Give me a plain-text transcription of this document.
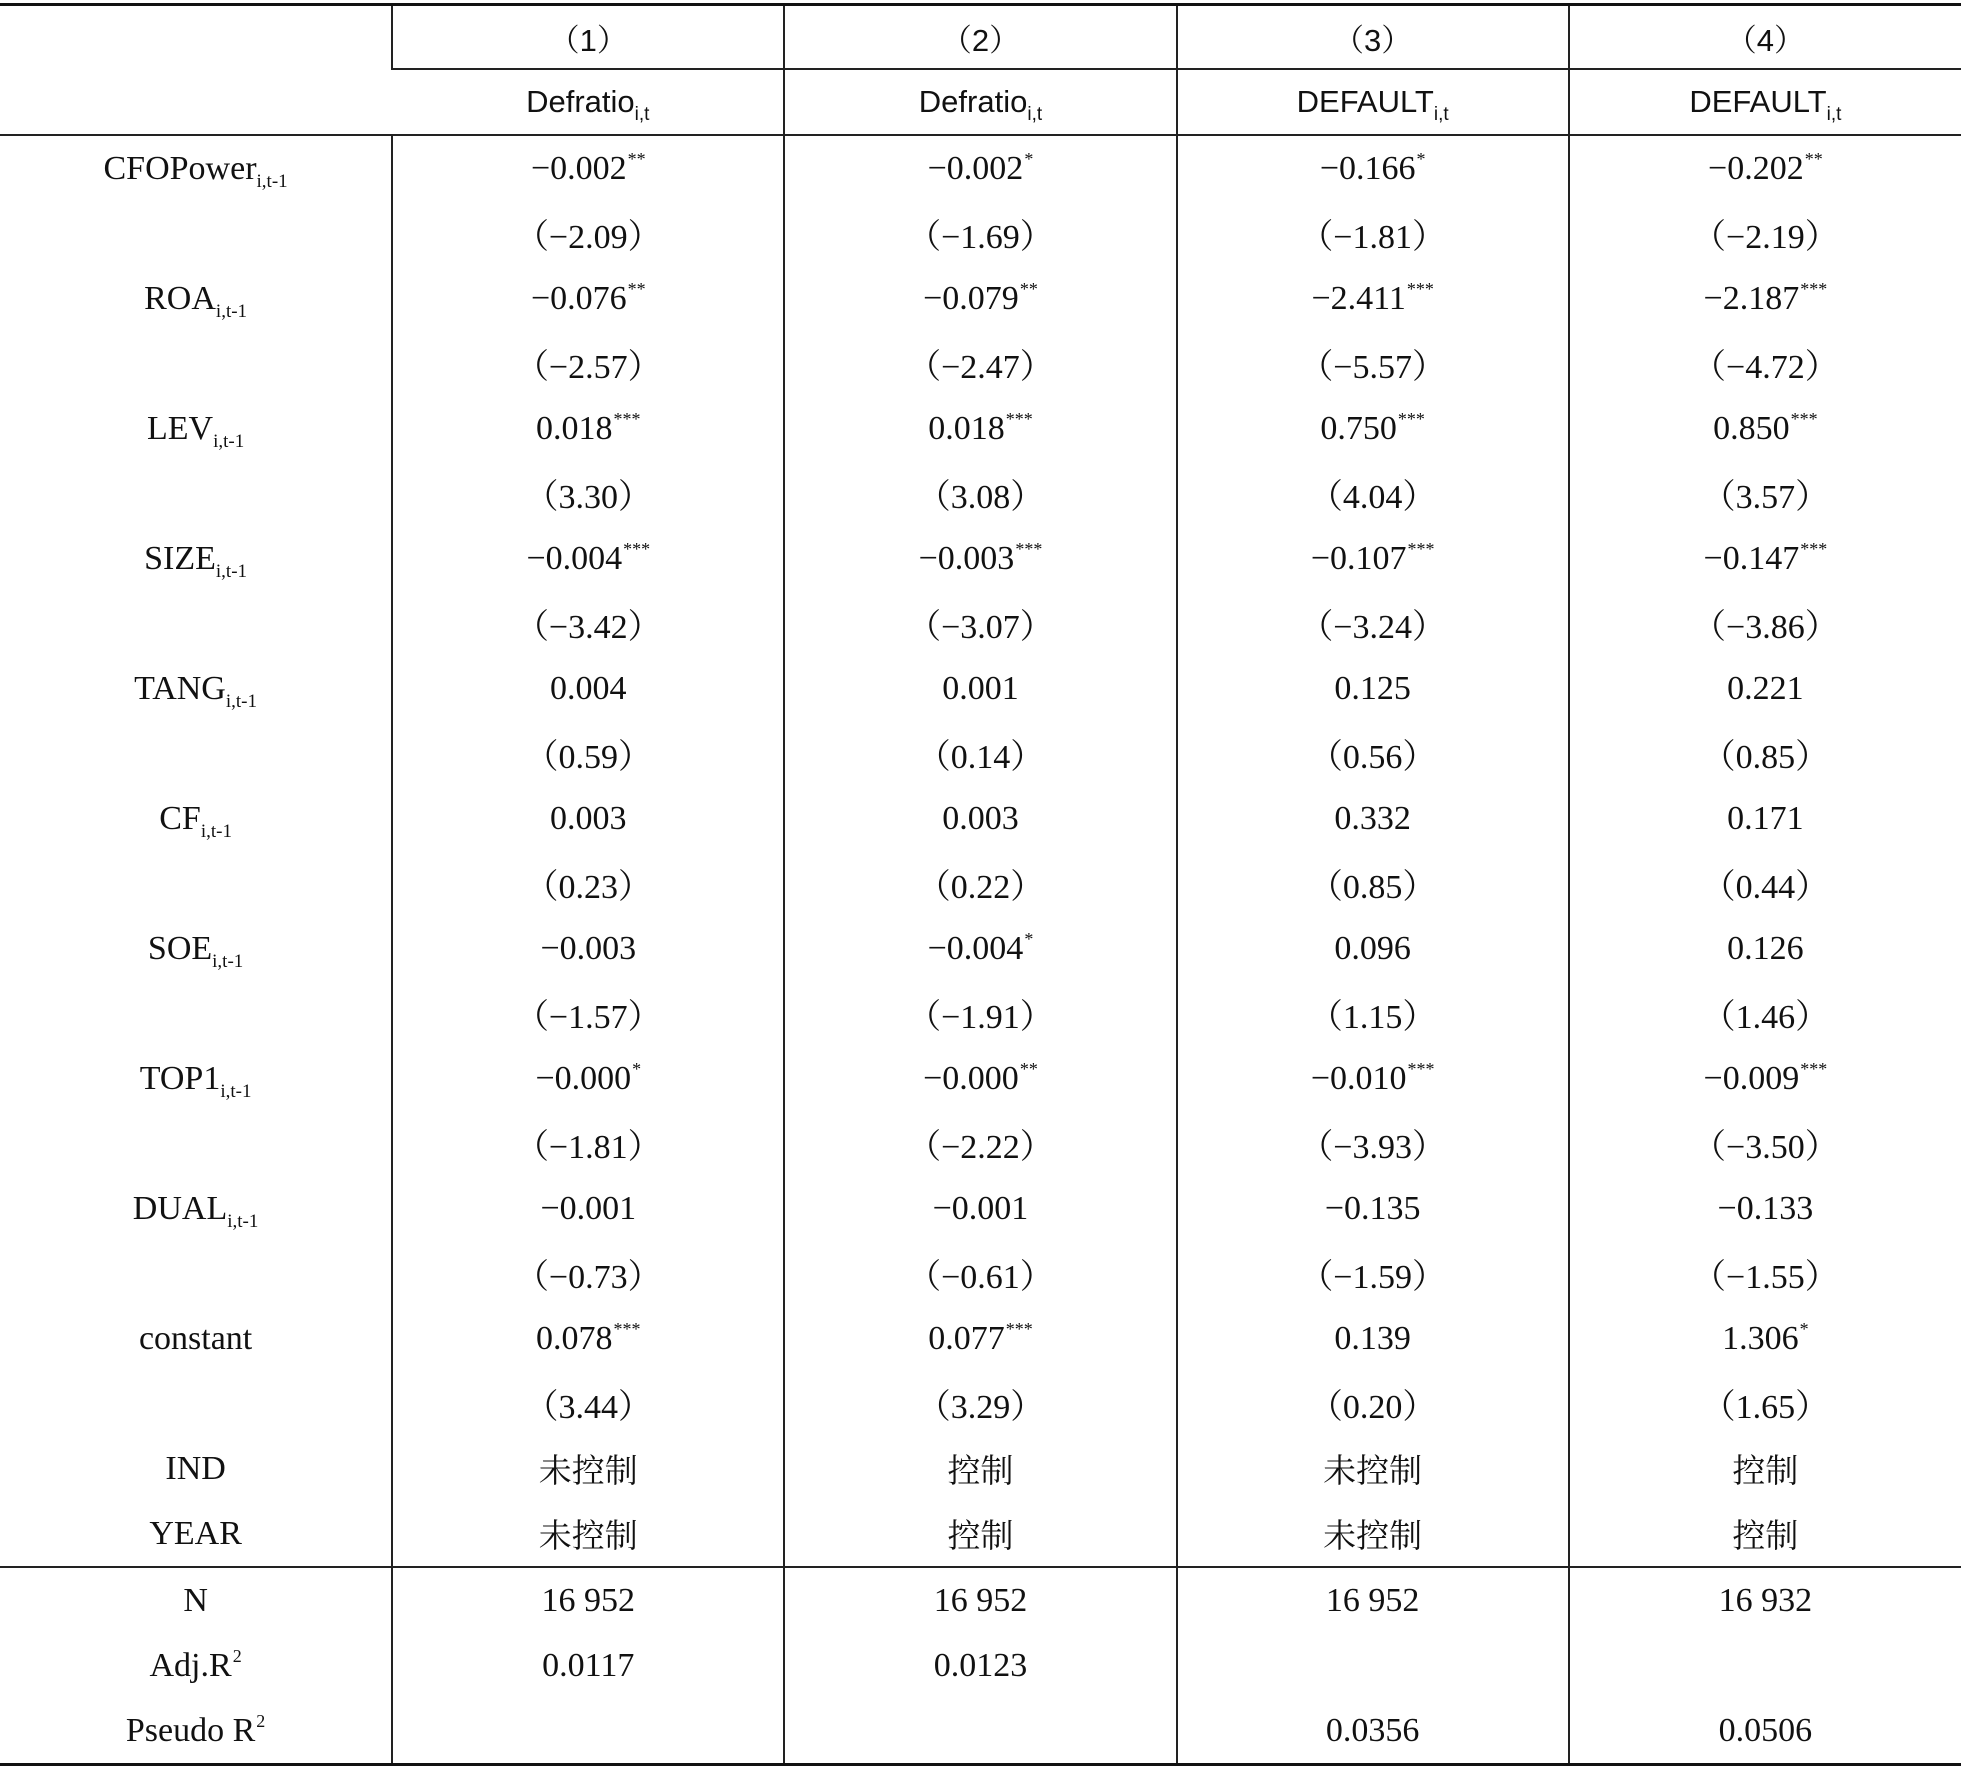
	（1）	（2）	（3）	（4）
	Defratio$_{i,t}$	Defratio$_{i,t}$	$DEFAULT_{i,t}$	$DEFAULT_{i,t}$
CFOPower$_{i,t-1}$	−0.002**	−0.002*	−0.166*	−0.202**
	（−2.09）	（−1.69）	（−1.81）	（−2.19）
$ROA_{i,t-1}$	−0.076**	−0.079**	−2.411***	−2.187***
	（−2.57）	（−2.47）	（−5.57）	（−4.72）
$LEV_{i,t-1}$	0.018***	0.018***	0.750***	0.850***
	（3.30）	（3.08）	（4.04）	（3.57）
$SIZE_{i,t-1}$	−0.004***	−0.003***	−0.107***	−0.147***
	（−3.42）	（−3.07）	（−3.24）	（−3.86）
$TANG_{i,t-1}$	0.004	0.001	0.125	0.221
	（0.59）	（0.14）	（0.56）	（0.85）
$CF_{i,t-1}$	0.003	0.003	0.332	0.171
	（0.23）	（0.22）	（0.85）	（0.44）
$SOE_{i,t-1}$	−0.003	−0.004*	0.096	0.126
	（−1.57）	（−1.91）	（1.15）	（1.46）
$TOP1_{i,t-1}$	−0.000*	−0.000**	−0.010***	−0.009***
	（−1.81）	（−2.22）	（−3.93）	（−3.50）
$DUAL_{i,t-1}$	−0.001	−0.001	−0.135	−0.133
	（−0.73）	（−0.61）	（−1.59）	（−1.55）
constant	0.078***	0.077***	0.139	1.306*
	（3.44）	（3.29）	（0.20）	（1.65）
IND	未控制	控制	未控制	控制
YEAR	未控制	控制	未控制	控制
N	16 952	16 952	16 952	16 932
$Adj.R^2$	0.0117	0.0123		
Pseudo $R^2$			0.0356	0.0506
